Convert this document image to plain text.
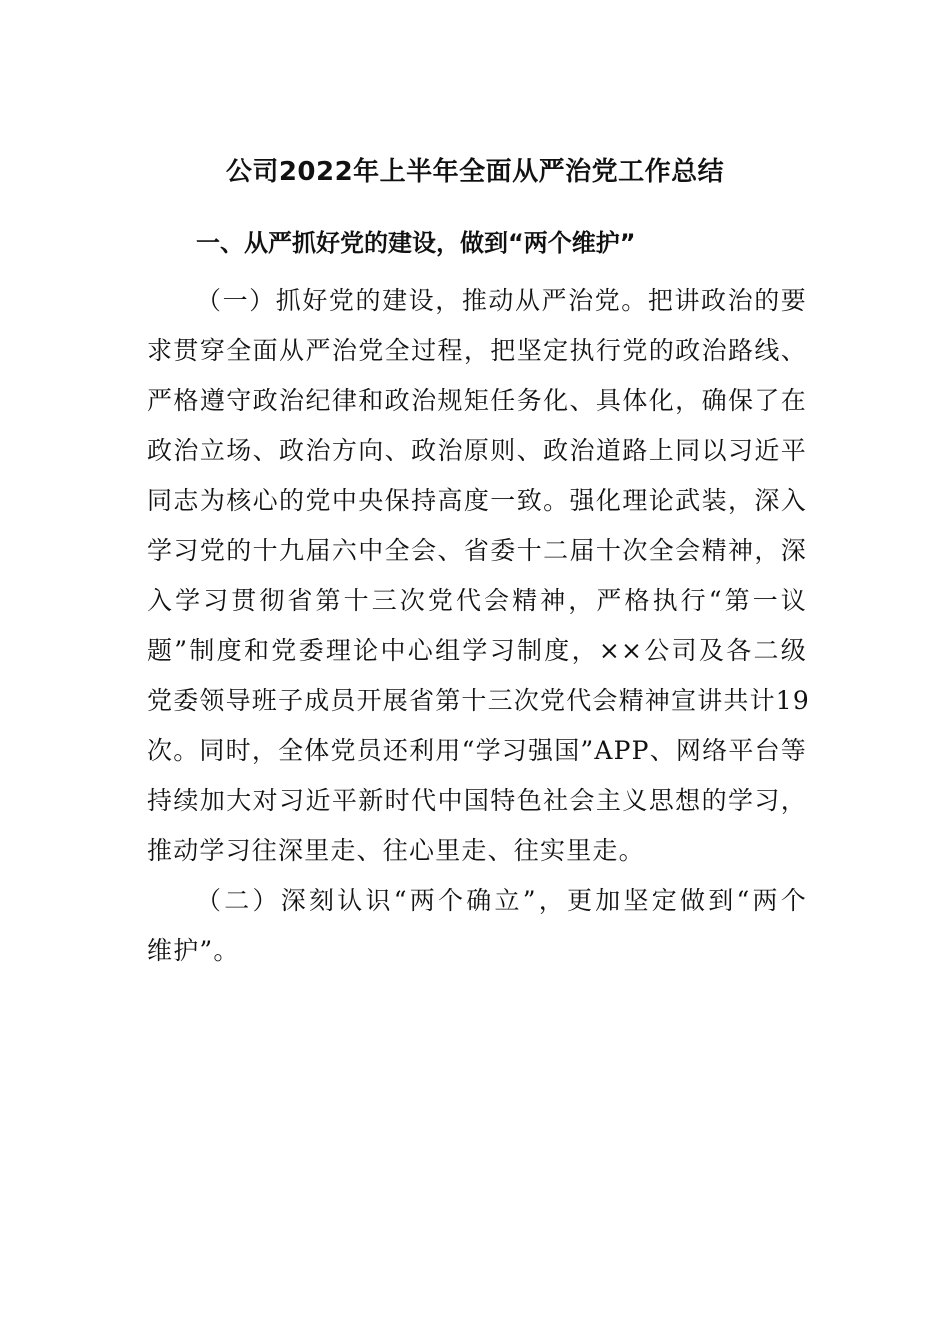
公司2022年上半年全面从严治党工作总结
一、从严抓好党的建设，做到“两个维护”
（一）抓好党的建设，推动从严治党。把讲政治的要
求贯穿全面从严治党全过程，把坚定执行党的政治路线、
严格遵守政治纪律和政治规矩任务化、具体化，确保了在
政治立场、政治方向、政治原则、政治道路上同以习近平
同志为核心的党中央保持高度一致。强化理论武装，深入
学习党的十九届六中全会、省委十二届十次全会精神，深
入学习贯彻省第十三次党代会精神，严格执行“第一议
题”制度和党委理论中心组学习制度，××公司及各二级
党委领导班子成员开展省第十三次党代会精神宣讲共计19
次。同时，全体党员还利用“学习强国”APP、网络平台等
持续加大对习近平新时代中国特色社会主义思想的学习，
推动学习往深里走、往心里走、往实里走。
（二）深刻认识“两个确立”，更加坚定做到“两个
维护”。
